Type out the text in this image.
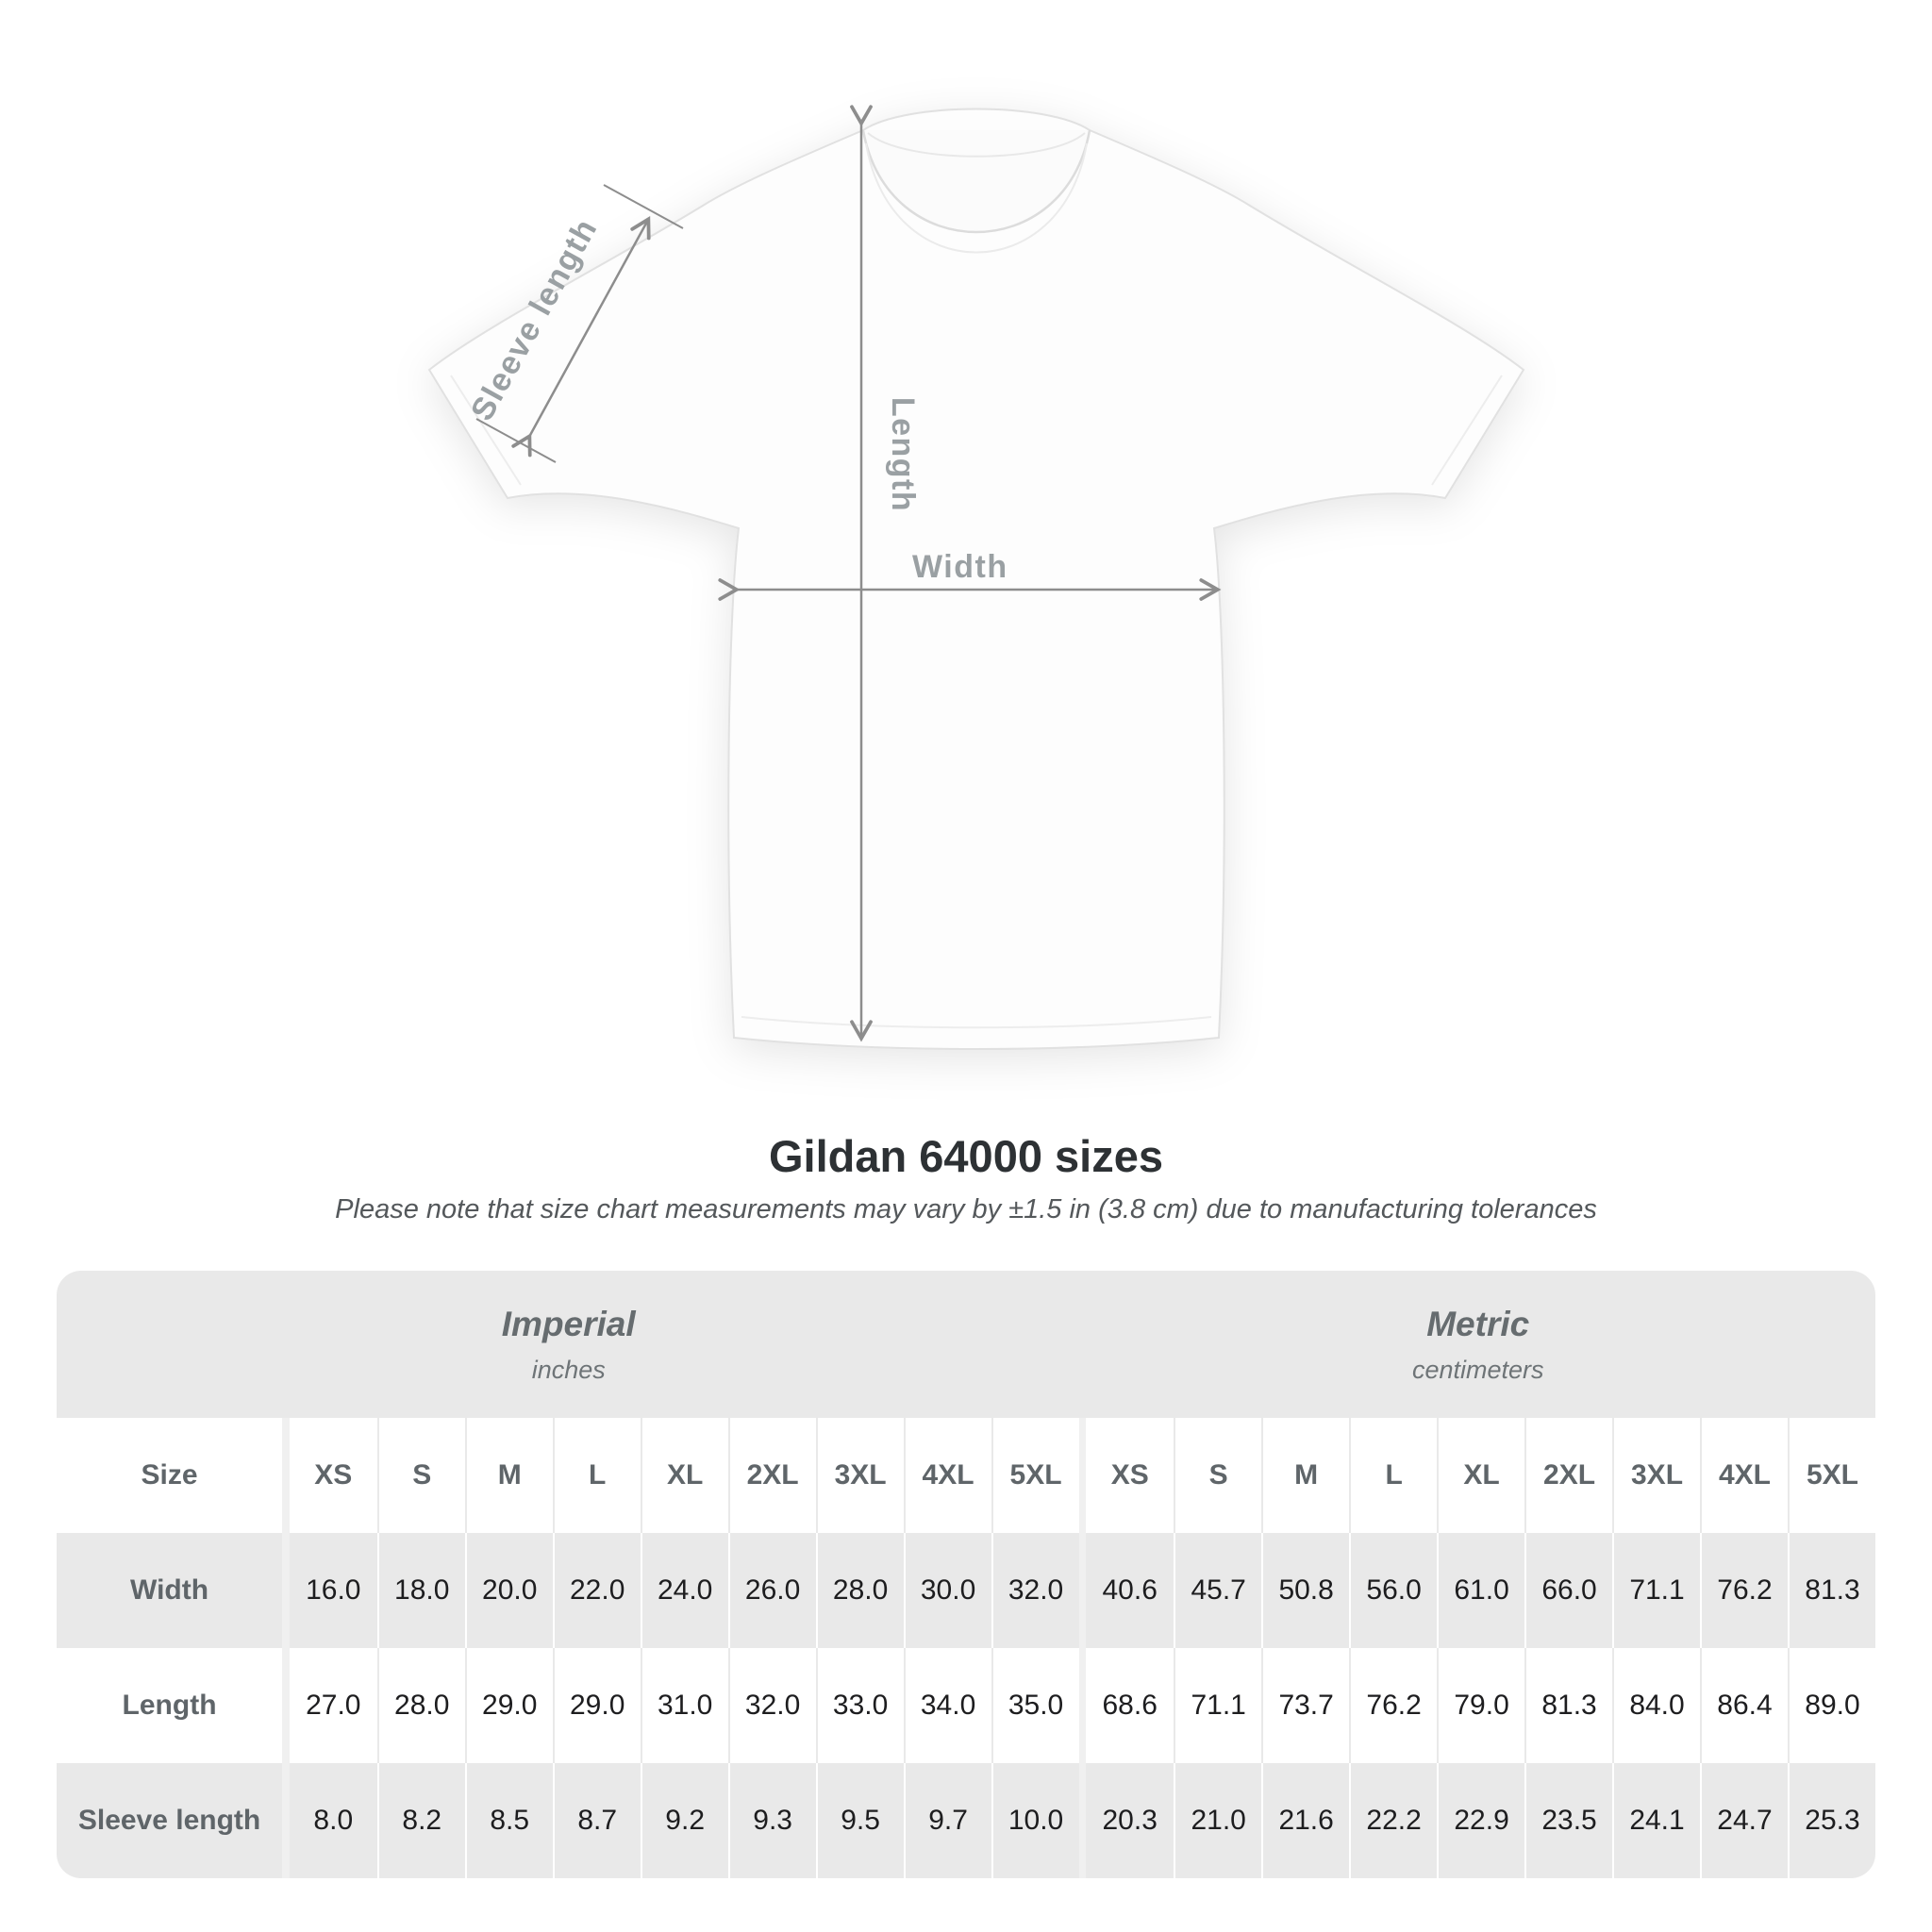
Sleeve length
Length
Width
Gildan 64000 sizes
Please note that size chart measurements may vary by ±1.5 in (3.8 cm) due to manufacturing tolerances
Imperial
inches
Metric
centimeters
Size		XS	S	M	L	XL	2XL	3XL	4XL	5XL		XS	S	M	L	XL	2XL	3XL	4XL	5XL
Width		16.0	18.0	20.0	22.0	24.0	26.0	28.0	30.0	32.0		40.6	45.7	50.8	56.0	61.0	66.0	71.1	76.2	81.3
Length		27.0	28.0	29.0	29.0	31.0	32.0	33.0	34.0	35.0		68.6	71.1	73.7	76.2	79.0	81.3	84.0	86.4	89.0
Sleeve length		8.0	8.2	8.5	8.7	9.2	9.3	9.5	9.7	10.0		20.3	21.0	21.6	22.2	22.9	23.5	24.1	24.7	25.3
